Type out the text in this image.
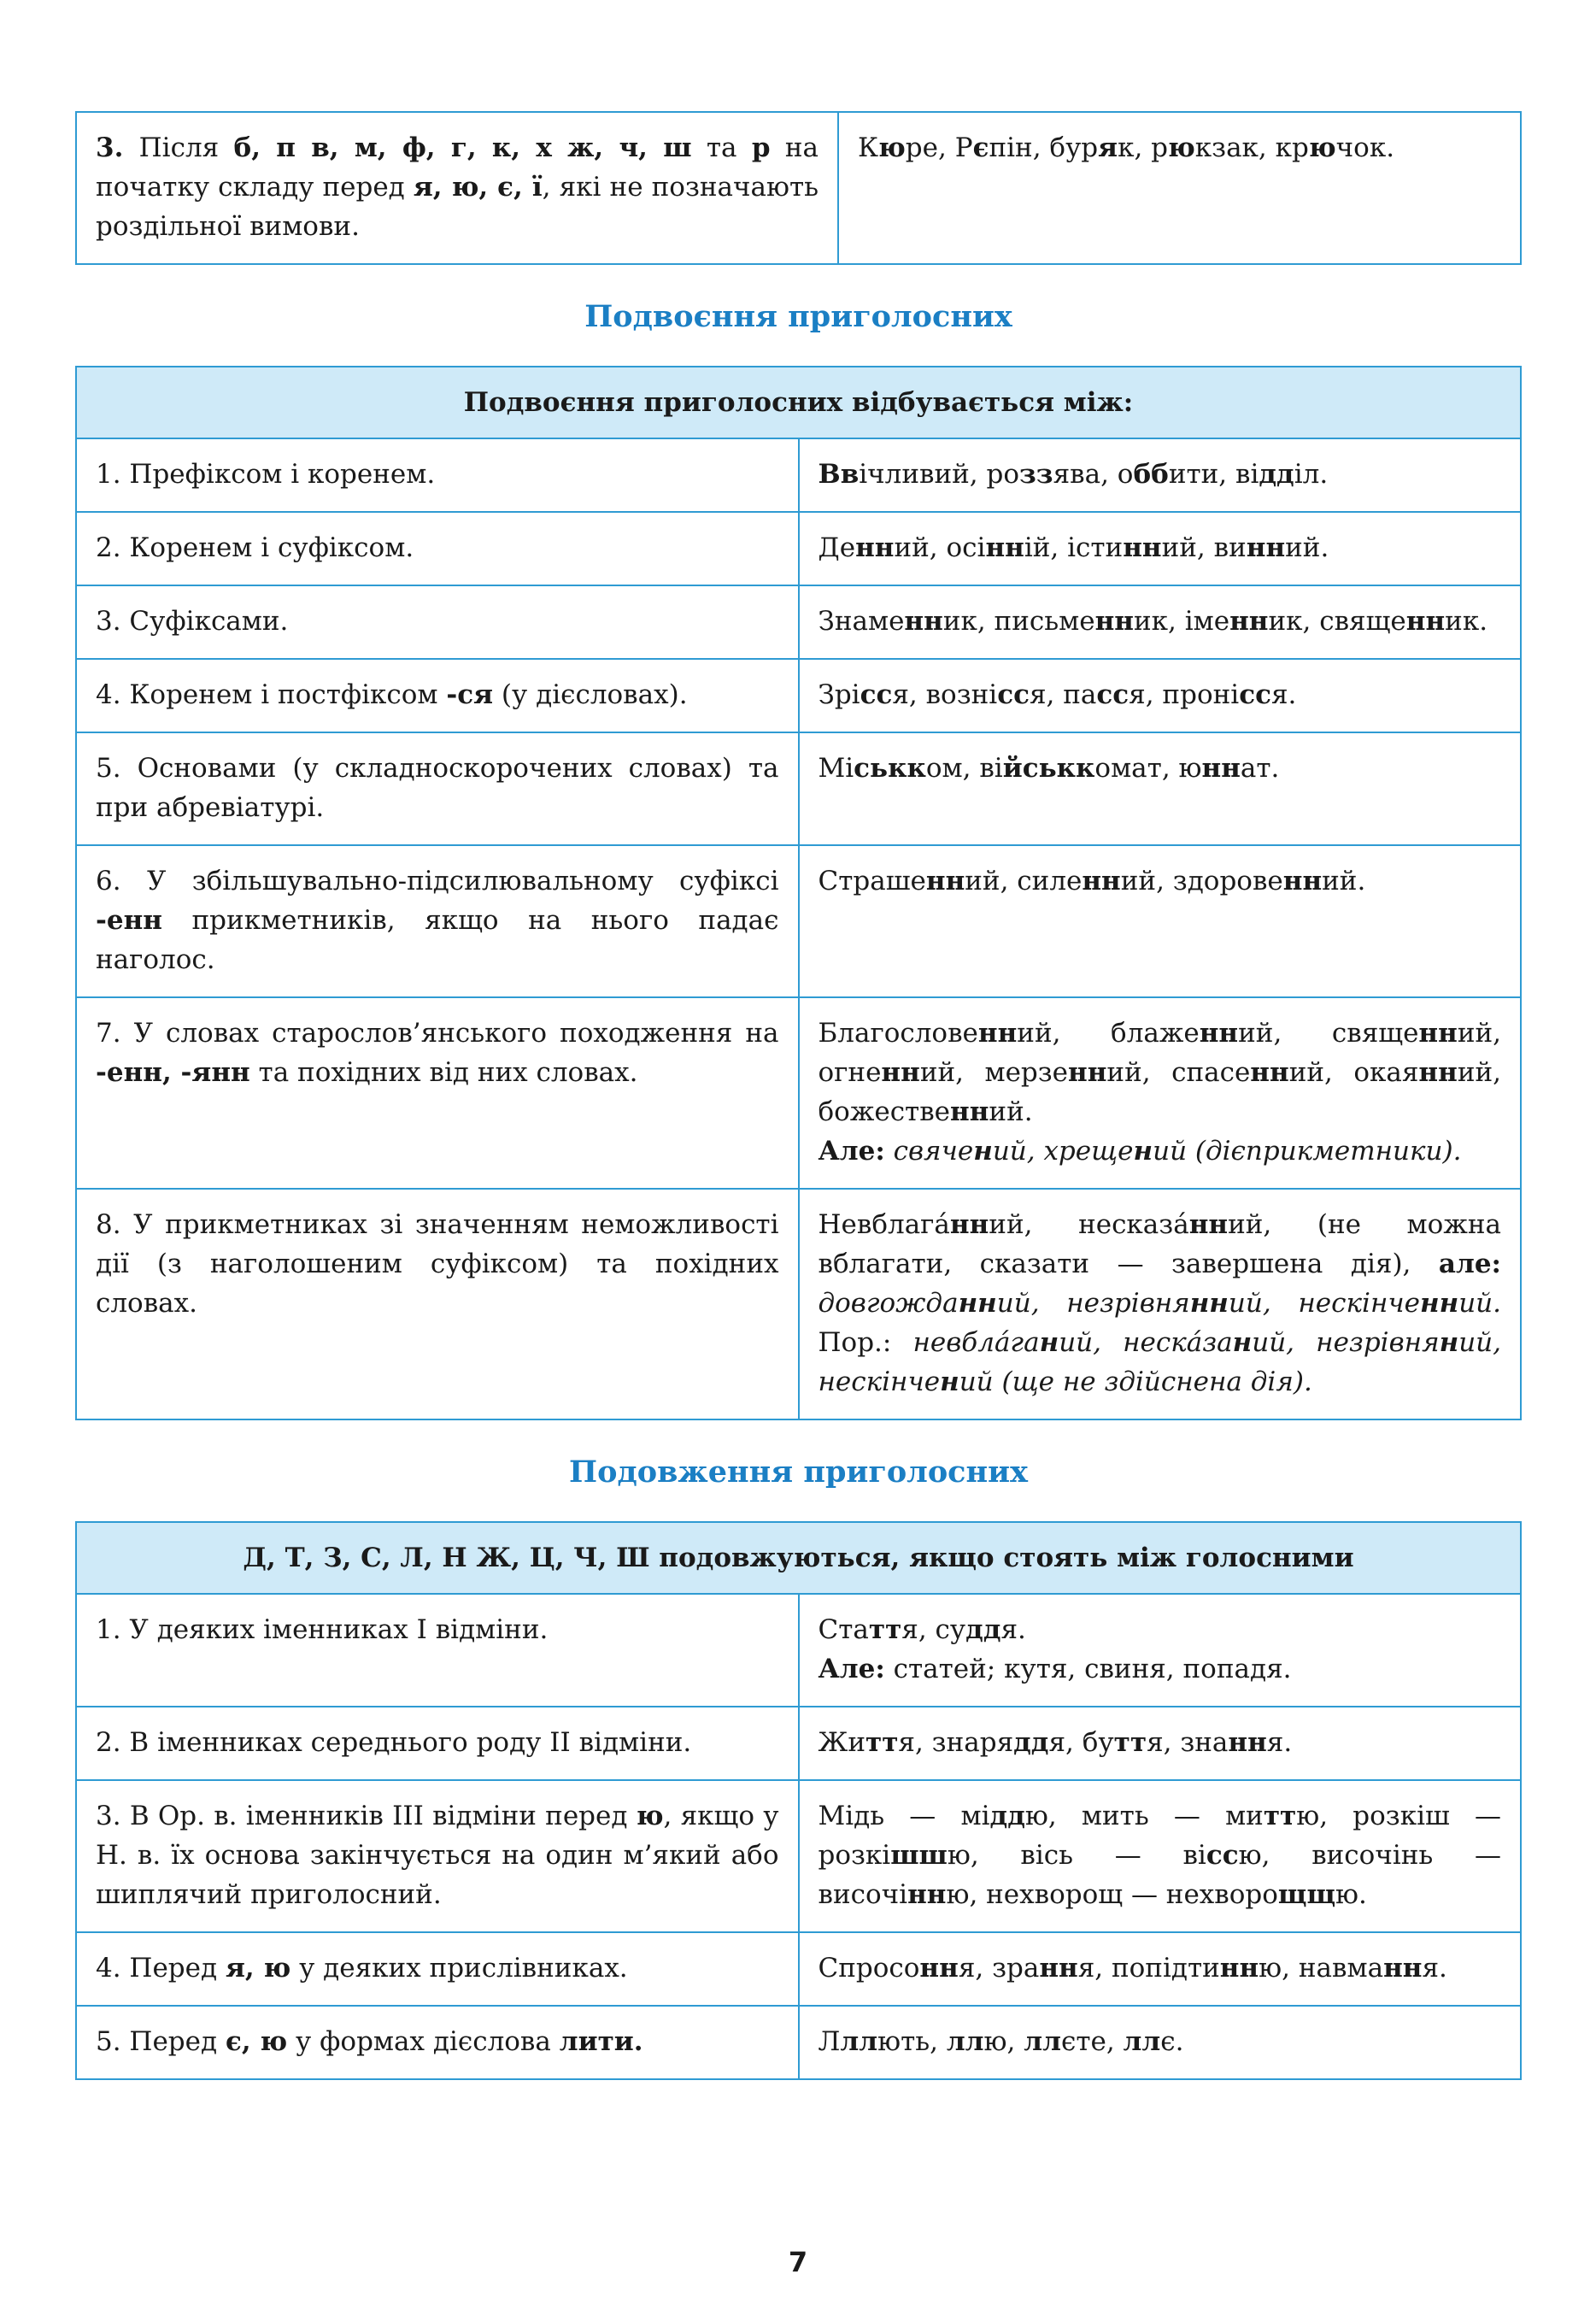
3. Після б, п в, м, ф, г, к, х ж, ч, ш та р на початку складу перед я, ю, є, ї, які не позначають роздільної вимови.	Кюре, Рєпін, буряк, рюкзак, крючок.
Подвоєння приголосних
Подвоєння приголосних відбувається між:	
1. Префіксом і коренем.	Ввічливий, роззява, оббити, відділ.
2. Коренем і суфіксом.	Денний, осінній, істинний, винний.
3. Суфіксами.	Знаменник, письменник, іменник, священник.
4. Коренем і постфіксом -ся (у дієсловах).	Зрісся, вознісся, пасся, пронісся.
5. Основами (у складноскорочених словах) та при абревіатурі.	Міськком, військкомат, юннат.
6. У збільшувально-підсилювальному суфіксі -енн прикметників, якщо на нього падає наголос.	Страшенний, силенний, здоровенний.
7. У словах старослов’янського походження на -енн, -янн та похідних від них словах.	Благословенний, блаженний, священний, огненний, мерзенний, спасенний, окаянний, божественний.
Але: свячений, хрещений (дієприкметники).
8. У прикметниках зі значенням неможливості дії (з наголошеним суфіксом) та похідних словах.	Невблага́нний, несказа́нний, (не можна вблагати, сказати — завершена дія), але: довгожданний, незрівнянний, нескінченний. Пор.: невбла́ганий, неска́заний, незрівняний, нескінчений (ще не здійснена дія).
Подовження приголосних
Д, Т, З, С, Л, Н Ж, Ц, Ч, Ш подовжуються, якщо стоять між голосними	
1. У деяких іменниках І відміни.	Стаття, суддя.
Але: статей; кутя, свиня, попадя.
2. В іменниках середнього роду ІІ відміни.	Життя, знаряддя, буття, знання.
3. В Ор. в. іменників ІІІ відміни перед ю, якщо у Н. в. їх основа закінчується на один м’який або шиплячий приголосний.	Мідь — міддю, мить — миттю, розкіш — розкішшю, вісь — віссю, височінь — височінню, нехворощ — нехворощщю.
4. Перед я, ю у деяких прислівниках.	Спросоння, зрання, попідтинню, навмання.
5. Перед є, ю у формах дієслова лити.	Лллють, ллю, ллєте, ллє.
7
